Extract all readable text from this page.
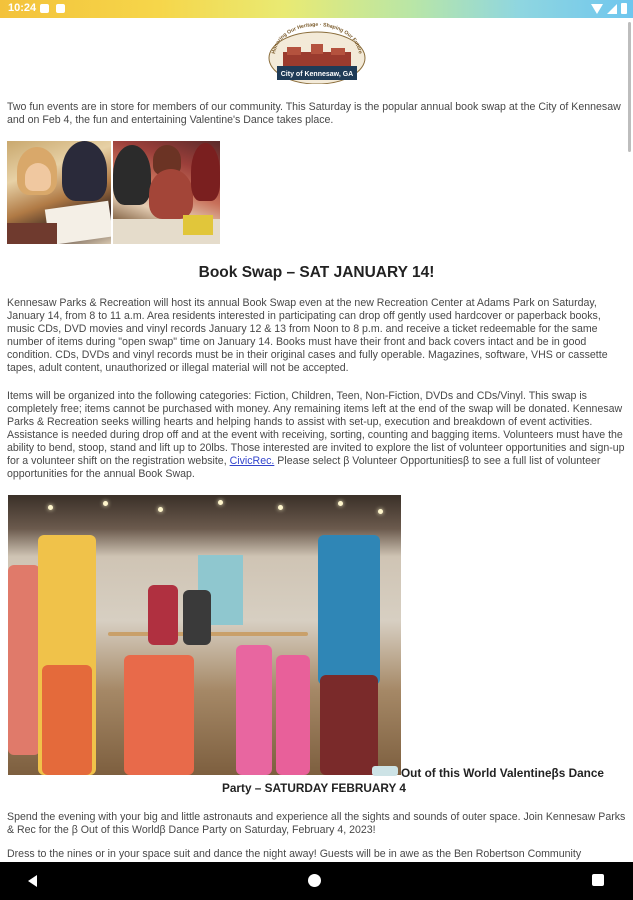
10:24
Honoring Our Heritage · Shaping Our Future
City of Kennesaw, GA

Two fun events are in store for members of our community. This Saturday is the popular annual book swap at the City of Kennesaw and on Feb 4, the fun and entertaining Valentine's Dance takes place.

Book Swap – SAT JANUARY 14!

Kennesaw Parks & Recreation will host its annual Book Swap even at the new Recreation Center at Adams Park on Saturday, January 14, from 8 to 11 a.m. Area residents interested in participating can drop off gently used hardcover or paperback books, music CDs, DVD movies and vinyl records January 12 & 13 from Noon to 8 p.m. and receive a ticket redeemable for the same number of items during "open swap" time on January 14. Books must have their front and back covers intact and be in good condition. CDs, DVDs and vinyl records must be in their original cases and fully operable. Magazines, software, VHS or cassette tapes, adult content, unauthorized or illegal material will not be accepted.

Items will be organized into the following categories: Fiction, Children, Teen, Non-Fiction, DVDs and CDs/Vinyl. This swap is completely free; items cannot be purchased with money. Any remaining items left at the end of the swap will be donated. Kennesaw Parks & Recreation seeks willing hearts and helping hands to assist with set-up, execution and breakdown of event activities. Assistance is needed during drop off and at the event with receiving, sorting, counting and bagging items. Volunteers must have the ability to bend, stoop, stand and lift up to 20lbs. Those interested are invited to explore the list of volunteer opportunities and sign-up for a volunteer shift on the registration website, CivicRec. Please select β Volunteer Opportunitiesβ to see a full list of volunteer opportunities for the annual Book Swap.

Out of this World Valentineβs Dance
Party – SATURDAY FEBRUARY 4

Spend the evening with your big and little astronauts and experience all the sights and sounds of outer space. Join Kennesaw Parks & Rec for the β Out of this Worldβ Dance Party on Saturday, February 4, 2023!

Dress to the nines or in your space suit and dance the night away! Guests will be in awe as the Ben Robertson Community
